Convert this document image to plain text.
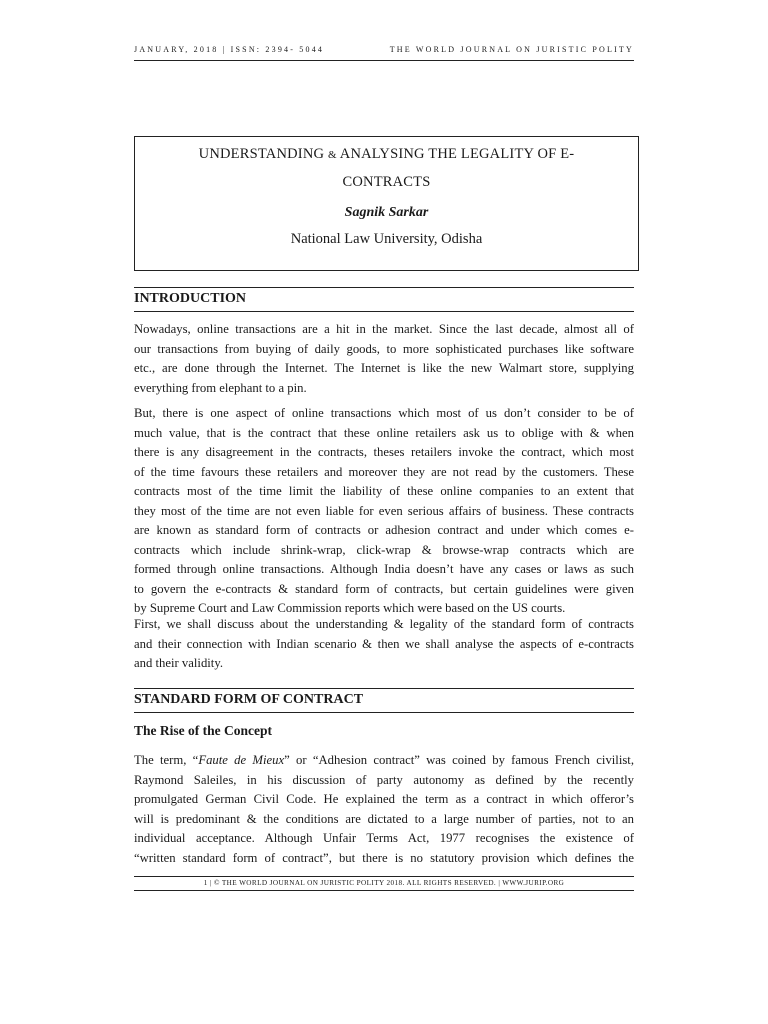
JANUARY, 2018 | ISSN: 2394- 5044	THE WORLD JOURNAL ON JURISTIC POLITY
UNDERSTANDING & ANALYSING THE LEGALITY OF E-CONTRACTS
Sagnik Sarkar
National Law University, Odisha
INTRODUCTION
Nowadays, online transactions are a hit in the market. Since the last decade, almost all of
our transactions from buying of daily goods, to more sophisticated purchases like software
etc., are done through the Internet. The Internet is like the new Walmart store, supplying
everything from elephant to a pin.
But, there is one aspect of online transactions which most of us don’t consider to be of
much value, that is the contract that these online retailers ask us to oblige with & when
there is any disagreement in the contracts, theses retailers invoke the contract, which most
of the time favours these retailers and moreover they are not read by the customers. These
contracts most of the time limit the liability of these online companies to an extent that
they most of the time are not even liable for even serious affairs of business. These contracts
are known as standard form of contracts or adhesion contract and under which comes e-
contracts which include shrink-wrap, click-wrap & browse-wrap contracts which are
formed through online transactions. Although India doesn’t have any cases or laws as such
to govern the e-contracts & standard form of contracts, but certain guidelines were given
by Supreme Court and Law Commission reports which were based on the US courts.
First, we shall discuss about the understanding & legality of the standard form of contracts
and their connection with Indian scenario & then we shall analyse the aspects of e-contracts
and their validity.
STANDARD FORM OF CONTRACT
The Rise of the Concept
The term, “Faute de Mieux” or “Adhesion contract” was coined by famous French civilist,
Raymond Saleiles, in his discussion of party autonomy as defined by the recently
promulgated German Civil Code. He explained the term as a contract in which offeror’s
will is predominant & the conditions are dictated to a large number of parties, not to an
individual acceptance. Although Unfair Terms Act, 1977 recognises the existence of
“written standard form of contract”, but there is no statutory provision which defines the
1 | © THE WORLD JOURNAL ON JURISTIC POLITY 2018. ALL RIGHTS RESERVED. | WWW.JURIP.ORG
